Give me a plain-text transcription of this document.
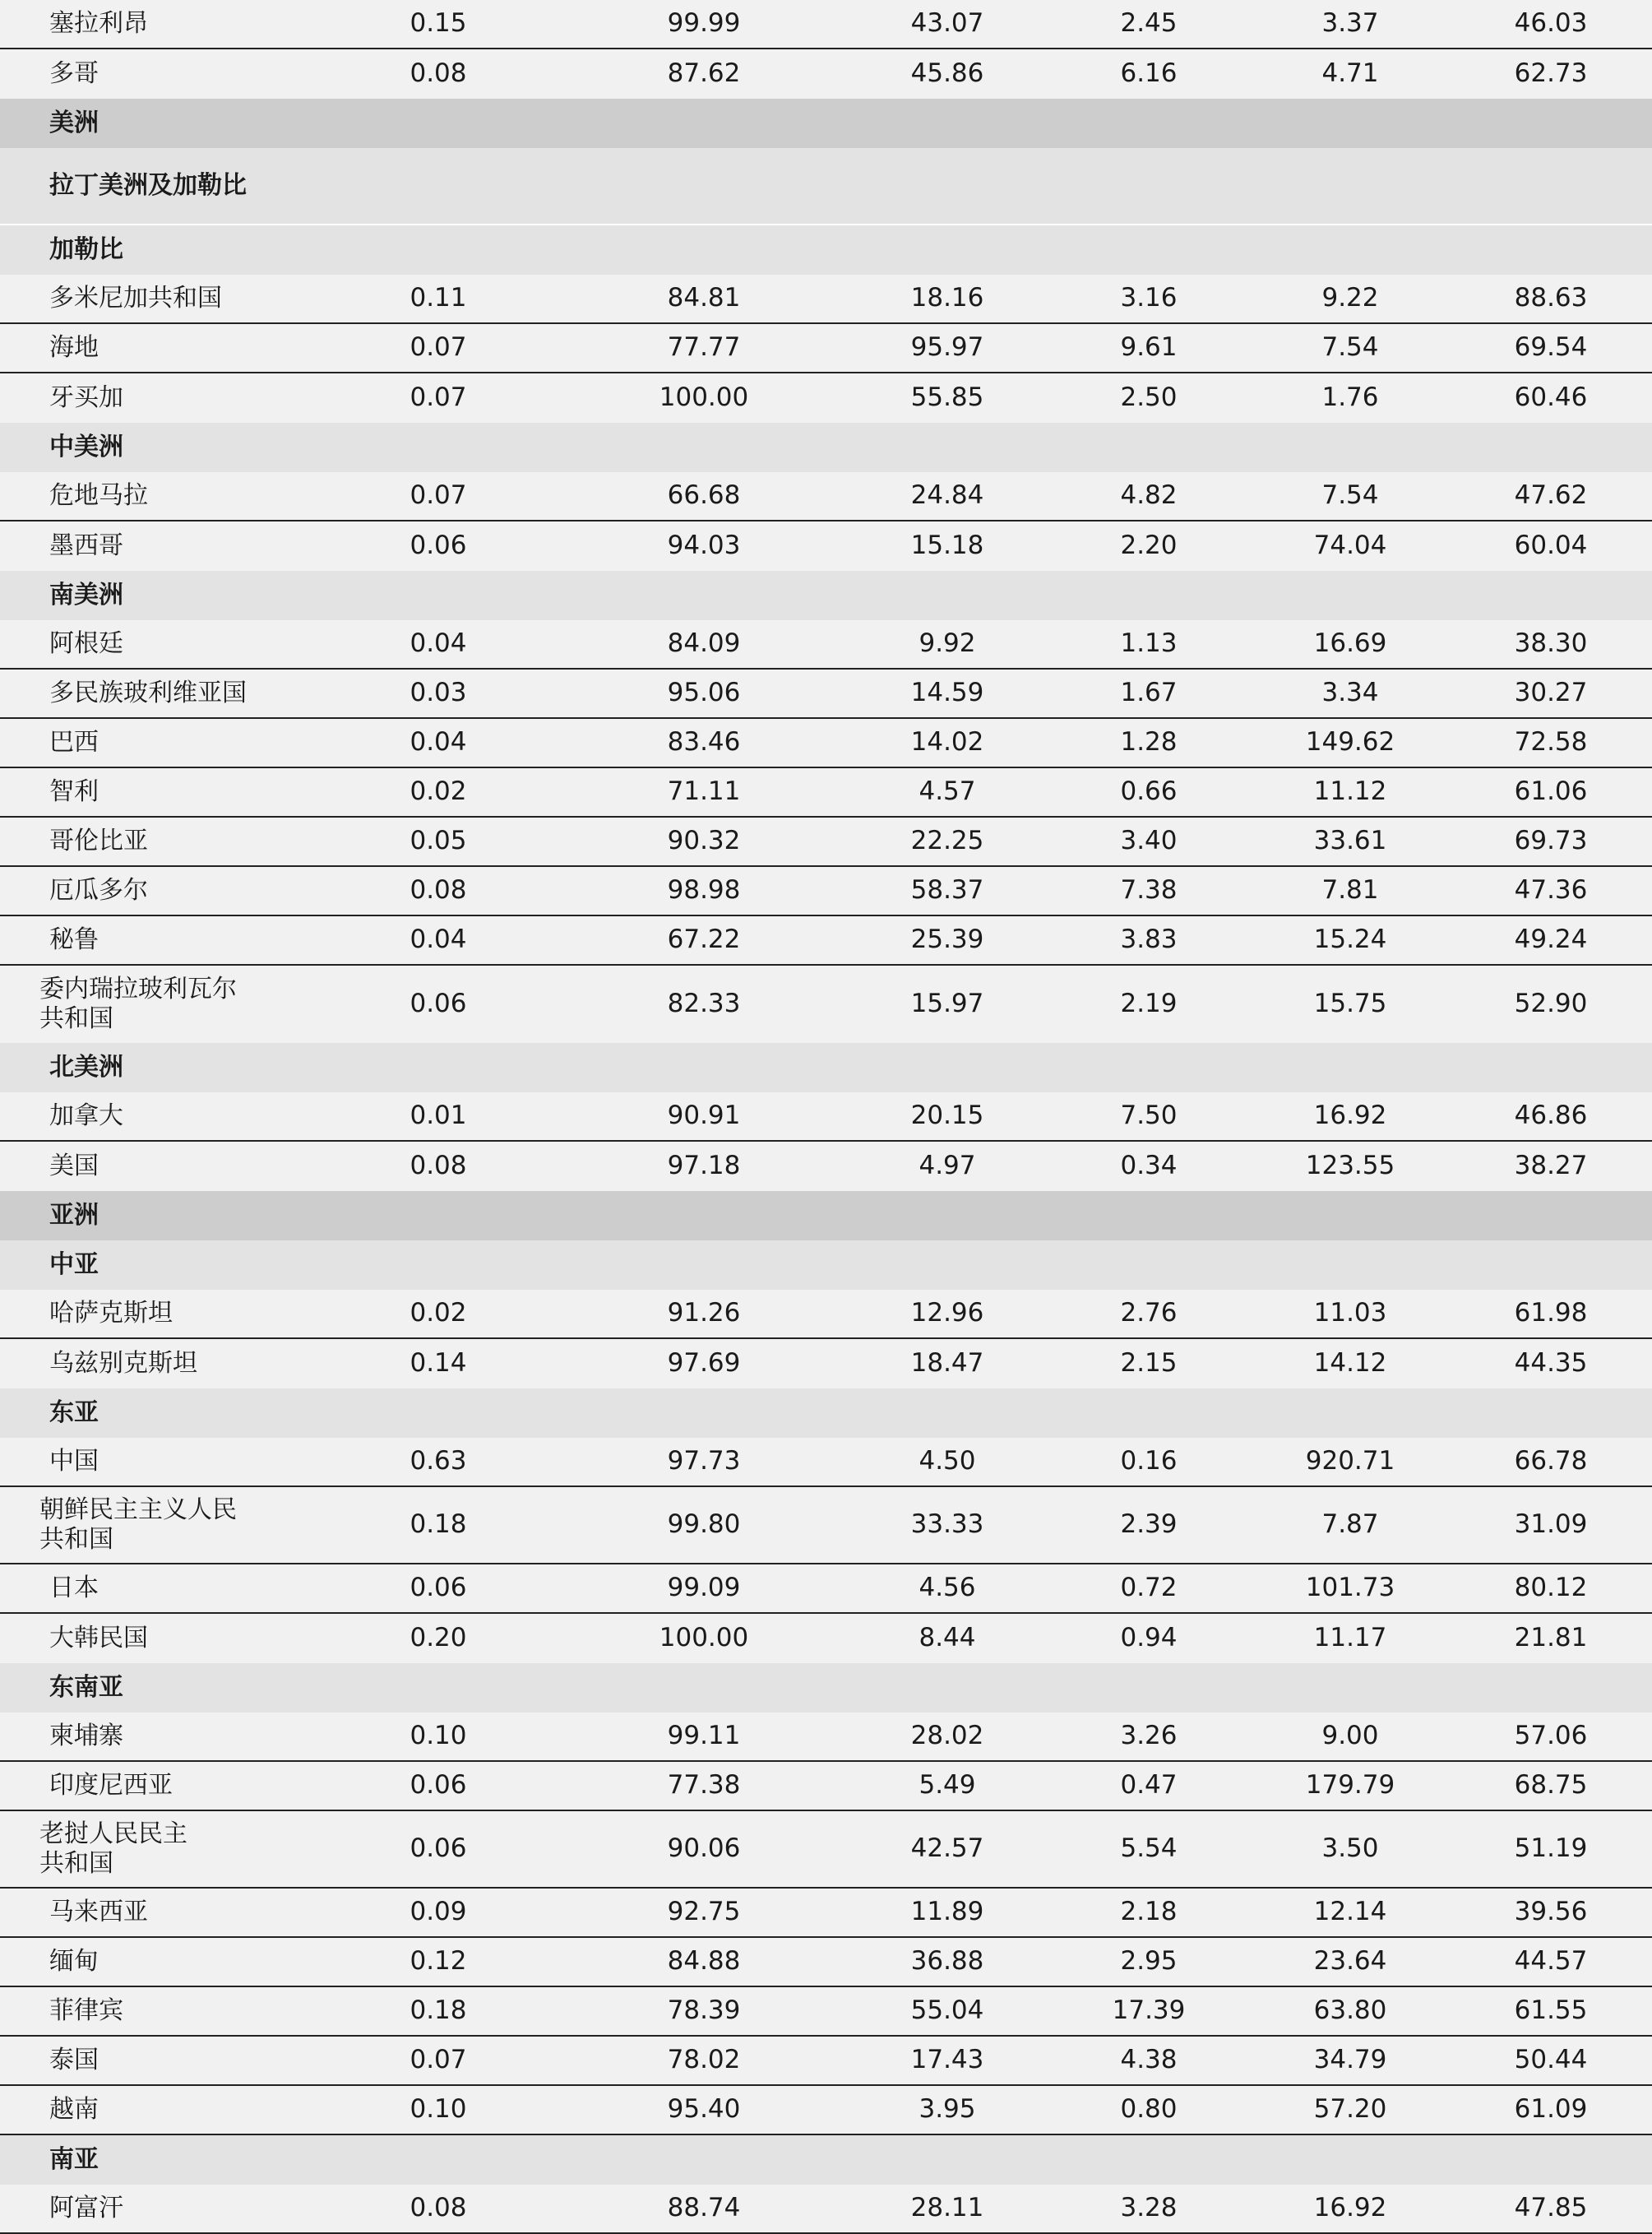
塞拉利昂	0.15	99.99	43.07	2.45	3.37	46.03
多哥	0.08	87.62	45.86	6.16	4.71	62.73
美洲
拉丁美洲及加勒比
加勒比
多米尼加共和国	0.11	84.81	18.16	3.16	9.22	88.63
海地	0.07	77.77	95.97	9.61	7.54	69.54
牙买加	0.07	100.00	55.85	2.50	1.76	60.46
中美洲
危地马拉	0.07	66.68	24.84	4.82	7.54	47.62
墨西哥	0.06	94.03	15.18	2.20	74.04	60.04
南美洲
阿根廷	0.04	84.09	9.92	1.13	16.69	38.30
多民族玻利维亚国	0.03	95.06	14.59	1.67	3.34	30.27
巴西	0.04	83.46	14.02	1.28	149.62	72.58
智利	0.02	71.11	4.57	0.66	11.12	61.06
哥伦比亚	0.05	90.32	22.25	3.40	33.61	69.73
厄瓜多尔	0.08	98.98	58.37	7.38	7.81	47.36
秘鲁	0.04	67.22	25.39	3.83	15.24	49.24
委内瑞拉玻利瓦尔
共和国
0.06	82.33	15.97	2.19	15.75	52.90
北美洲
加拿大	0.01	90.91	20.15	7.50	16.92	46.86
美国	0.08	97.18	4.97	0.34	123.55	38.27
亚洲
中亚
哈萨克斯坦	0.02	91.26	12.96	2.76	11.03	61.98
乌兹别克斯坦	0.14	97.69	18.47	2.15	14.12	44.35
东亚
中国	0.63	97.73	4.50	0.16	920.71	66.78
朝鲜民主主义人民
共和国
0.18	99.80	33.33	2.39	7.87	31.09
日本	0.06	99.09	4.56	0.72	101.73	80.12
大韩民国	0.20	100.00	8.44	0.94	11.17	21.81
东南亚
柬埔寨	0.10	99.11	28.02	3.26	9.00	57.06
印度尼西亚	0.06	77.38	5.49	0.47	179.79	68.75
老挝人民民主
共和国
0.06	90.06	42.57	5.54	3.50	51.19
马来西亚	0.09	92.75	11.89	2.18	12.14	39.56
缅甸	0.12	84.88	36.88	2.95	23.64	44.57
菲律宾	0.18	78.39	55.04	17.39	63.80	61.55
泰国	0.07	78.02	17.43	4.38	34.79	50.44
越南	0.10	95.40	3.95	0.80	57.20	61.09
南亚
阿富汗	0.08	88.74	28.11	3.28	16.92	47.85
